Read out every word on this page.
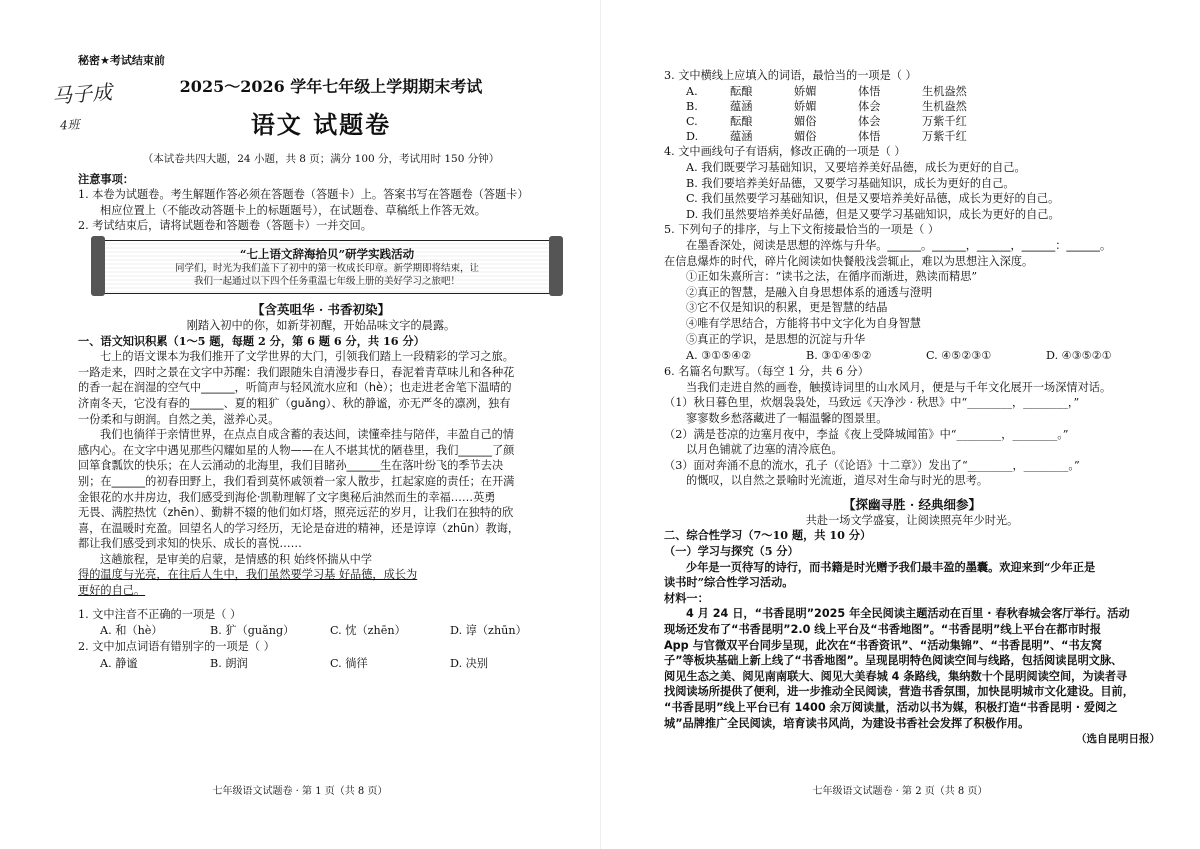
秘密★考试结束前
2025～2026 学年七年级上学期期末考试
语文 试题卷
（本试卷共四大题，24 小题，共 8 页；满分 100 分，考试用时 150 分钟）
注意事项：
1. 本卷为试题卷。考生解题作答必须在答题卷（答题卡）上。答案书写在答题卷（答题卡）
相应位置上（不能改动答题卡上的标题题号），在试题卷、草稿纸上作答无效。
2. 考试结束后，请将试题卷和答题卷（答题卡）一并交回。
“七上语文辞海拾贝”研学实践活动
同学们，时光为我们盖下了初中的第一枚成长印章。新学期即将结束，让
我们一起通过以下四个任务重温七年级上册的美好学习之旅吧！
【含英咀华 · 书香初染】
刚踏入初中的你，如新芽初醒，开始品味文字的晨露。
一、语文知识积累（1～5 题，每题 2 分，第 6 题 6 分，共 16 分）
七上的语文课本为我们推开了文学世界的大门，引领我们踏上一段精彩的学习之旅。
一路走来，四时之景在文字中苏醒：我们跟随朱自清漫步春日，春泥着青草味儿和各种花
的香一起在润湿的空气中______，听简声与轻风流水应和（hè）；也走进老舍笔下温晴的
济南冬天，它没有春的______、夏的粗犷（guǎng）、秋的静谧，亦无严冬的凛冽，独有
一份柔和与朗润。自然之美，滋养心灵。
我们也徜徉于亲情世界，在点点自成含蓄的表达间，读懂牵挂与陪伴，丰盈自己的情
感内心。在文字中遇见那些闪耀如星的人物——在人不堪其忧的陋巷里，我们______了颜
回箪食瓢饮的快乐；在人云涌动的北海里，我们目睹孙______生在落叶纷飞的季节去决
别；在______的初春田野上，我们看到莫怀戚领着一家人散步，扛起家庭的责任；在开满
金银花的水井房边，我们感受到海伦·凯勒理解了文字奥秘后油然而生的幸福……英勇
无畏、满腔热忱（zhēn）、勤耕不辍的他们如灯塔，照亮远茫的岁月，让我们在独特的欣
喜，在温暖时充盈。回望名人的学习经历，无论是奋进的精神，还是谆谆（zhūn）教诲，
都让我们感受到求知的快乐、成长的喜悦……
这趟旅程，是审美的启蒙，是情感的积 始终怀揣从中学
得的温度与光亮，在往后人生中，我们虽然要学习基 好品德，成长为
更好的自己。
1. 文中注音不正确的一项是（ ）
A. 和（hè）	B. 犷（guǎng）	C. 忱（zhēn）	D. 谆（zhūn）
2. 文中加点词语有错别字的一项是（ ）
A. 静谧	B. 朗润	C. 徜徉	D. 决别
七年级语文试题卷 · 第 1 页（共 8 页）
马子成
4班
3. 文中横线上应填入的词语，最恰当的一项是（ ）
A.	酝酿	娇媚	体悟	生机盎然
B.	蕴涵	娇媚	体会	生机盎然
C.	酝酿	媚俗	体会	万紫千红
D.	蕴涵	媚俗	体悟	万紫千红
4. 文中画线句子有语病，修改正确的一项是（ ）
A. 我们既要学习基础知识，又要培养美好品德，成长为更好的自己。
B. 我们要培养美好品德，又要学习基础知识，成长为更好的自己。
C. 我们虽然要学习基础知识，但是又要培养美好品德，成长为更好的自己。
D. 我们虽然要培养美好品德，但是又要学习基础知识，成长为更好的自己。
5. 下列句子的排序，与上下文衔接最恰当的一项是（ ）
在墨香深处，阅读是思想的淬炼与升华。______。______，______，______：______。
在信息爆炸的时代，碎片化阅读如快餐般浅尝辄止，难以为思想注入深度。
①正如朱熹所言：“读书之法，在循序而渐进，熟读而精思”
②真正的智慧，是融入自身思想体系的通透与澄明
③它不仅是知识的积累，更是智慧的结晶
④唯有学思结合，方能将书中文字化为自身智慧
⑤真正的学识，是思想的沉淀与升华
A. ③①⑤④②	B. ③①④⑤②	C. ④⑤②③①	D. ④③⑤②①
6. 名篇名句默写。（每空 1 分，共 6 分）
当我们走进自然的画卷，触摸诗词里的山水风月，便是与千年文化展开一场深情对话。
（1）秋日暮色里，炊烟袅袅处，马致远《天净沙 · 秋思》中“________，________，”
寥寥数乡愁落藏进了一幅温馨的图景里。
（2）满是苍凉的边塞月夜中，李益《夜上受降城闻笛》中“________，________。”
以月色铺就了边塞的清冷底色。
（3）面对奔涌不息的流水，孔子（《论语》十二章》）发出了“________，________。”
的慨叹，以自然之景喻时光流逝，道尽对生命与时光的思考。
【探幽寻胜 · 经典细参】
共赴一场文学盛宴，让阅读照亮年少时光。
二、综合性学习（7～10 题，共 10 分）
（一）学习与探究（5 分）
少年是一页待写的诗行，而书籍是时光赠予我们最丰盈的墨囊。欢迎来到“少年正是
读书时”综合性学习活动。
材料一：
4 月 24 日，“书香昆明”2025 年全民阅读主题活动在百里 · 春秋春城会客厅举行。活动
现场还发布了“书香昆明”2.0 线上平台及“书香地图”。“书香昆明”线上平台在都市时报
App 与官微双平台同步呈现，此次在“书香资讯”、“活动集锦”、“书香昆明”、“书友窝
子”等板块基础上新上线了“书香地图”。呈现昆明特色阅读空间与线路，包括阅读昆明文脉、
阅见生态之美、阅见南南联大、阅见大美春城 4 条路线，集纳数十个昆明阅读空间，为读者寻
找阅读场所提供了便利，进一步推动全民阅读，营造书香氛围，加快昆明城市文化建设。目前，
“书香昆明”线上平台已有 1400 余万阅读量，活动以书为媒，积极打造“书香昆明 · 爱阅之
城”品牌推广全民阅读，培育读书风尚，为建设书香社会发挥了积极作用。
（选自昆明日报）
七年级语文试题卷 · 第 2 页（共 8 页）
